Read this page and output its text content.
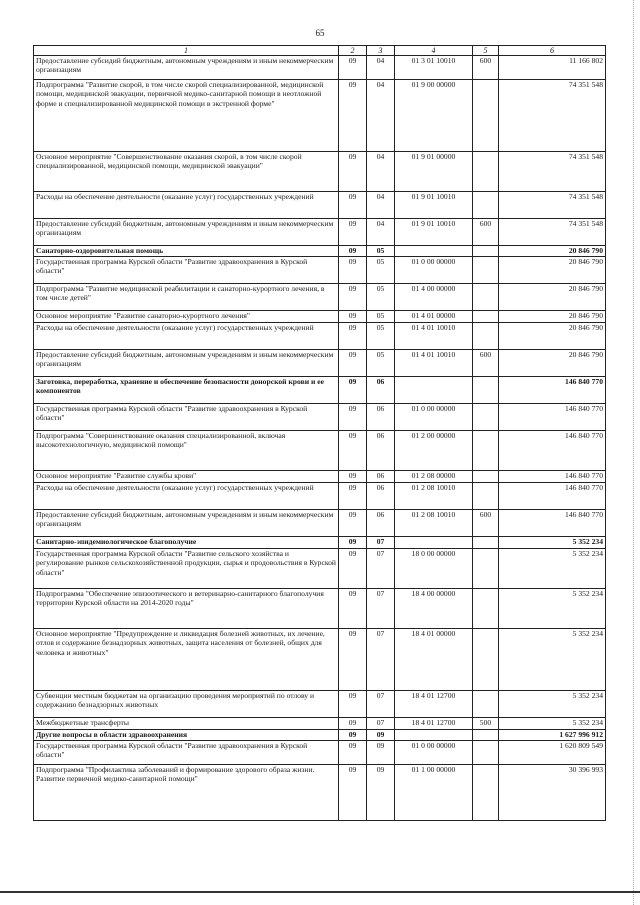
65
1	2	3	4	5	6
Предоставление субсидий бюджетным, автономным учреждениям и иным некоммерческим организациям	09	04	01 3 01 10010	600	11 166 802
Подпрограмма "Развитие скорой, в том числе скорой специализированной, медицинской помощи, медицинской эвакуации, первичной медико-санитарной помощи в неотложной форме и специализированной медицинской помощи в экстренной форме"	09	04	01 9 00 00000		74 351 548
Основное мероприятие "Совершенствование оказания скорой, в том числе скорой специализированной, медицинской помощи, медицинской эвакуации"	09	04	01 9 01 00000		74 351 548
Расходы на обеспечение деятельности (оказание услуг) государственных учреждений	09	04	01 9 01 10010		74 351 548
Предоставление субсидий бюджетным, автономным учреждениям и иным некоммерческим организациям	09	04	01 9 01 10010	600	74 351 548
Санаторно-оздоровительная помощь	09	05			20 846 790
Государственная программа Курской области "Развитие здравоохранения в Курской области"	09	05	01 0 00 00000		20 846 790
Подпрограмма "Развитие медицинской реабилитации и санаторно-курортного лечения, в том числе детей"	09	05	01 4 00 00000		20 846 790
Основное мероприятие "Развитие санаторно-курортного лечения"	09	05	01 4 01 00000		20 846 790
Расходы на обеспечение деятельности (оказание услуг) государственных учреждений	09	05	01 4 01 10010		20 846 790
Предоставление субсидий бюджетным, автономным учреждениям и иным некоммерческим организациям	09	05	01 4 01 10010	600	20 846 790
Заготовка, переработка, хранение и обеспечение безопасности донорской крови и ее компонентов	09	06			146 840 770
Государственная программа Курской области "Развитие здравоохранения в Курской области"	09	06	01 0 00 00000		146 840 770
Подпрограмма "Совершенствование оказания специализированной, включая высокотехнологичную, медицинской помощи"	09	06	01 2 00 00000		146 840 770
Основное мероприятие "Развитие службы крови"	09	06	01 2 08 00000		146 840 770
Расходы на обеспечение деятельности (оказание услуг) государственных учреждений	09	06	01 2 08 10010		146 840 770
Предоставление субсидий бюджетным, автономным учреждениям и иным некоммерческим организациям	09	06	01 2 08 10010	600	146 840 770
Санитарно-эпидемиологическое благополучие	09	07			5 352 234
Государственная программа Курской области "Развитие сельского хозяйства и регулирование рынков сельскохозяйственной продукции, сырья и продовольствия в Курской области"	09	07	18 0 00 00000		5 352 234
Подпрограмма "Обеспечение эпизоотического и ветеринарно-санитарного благополучия территории Курской области на 2014-2020 годы"	09	07	18 4 00 00000		5 352 234
Основное мероприятие "Предупреждение и ликвидация болезней животных, их лечение, отлов и содержание безнадзорных животных, защита населения от болезней, общих для человека и животных"	09	07	18 4 01 00000		5 352 234
Субвенции местным бюджетам на организацию проведения мероприятий по отлову и содержанию безнадзорных животных	09	07	18 4 01 12700		5 352 234
Межбюджетные трансферты	09	07	18 4 01 12700	500	5 352 234
Другие вопросы в области здравоохранения	09	09			1 627 996 912
Государственная программа Курской области "Развитие здравоохранения в Курской области"	09	09	01 0 00 00000		1 620 809 549
Подпрограмма "Профилактика заболеваний и формирование здорового образа жизни. Развитие первичной медико-санитарной помощи"	09	09	01 1 00 00000		30 396 993
